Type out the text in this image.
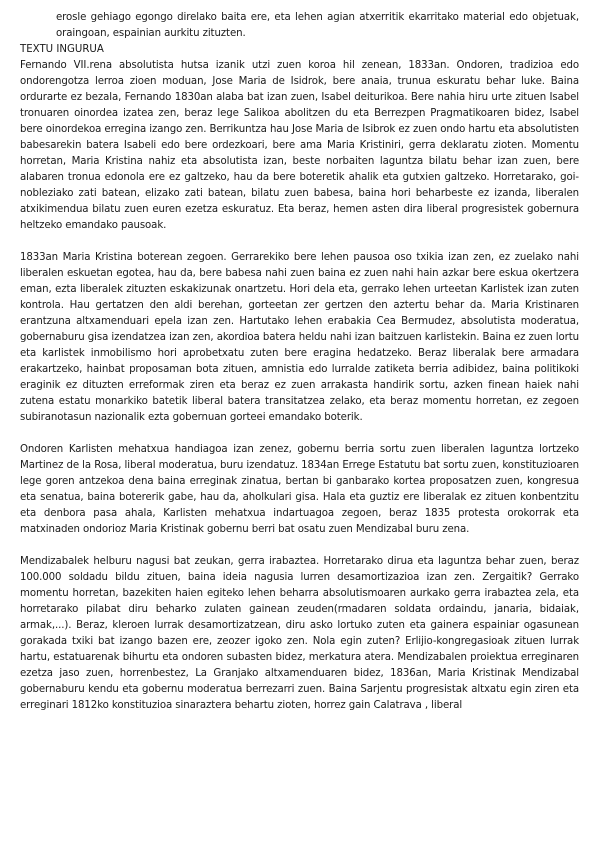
erosle gehiago egongo direlako baita ere, eta lehen agian atxerritik ekarritako material edo objetuak, oraingoan, espainian aurkitu zituzten.

TEXTU INGURUA

Fernando VII.rena absolutista hutsa izanik utzi zuen koroa hil zenean, 1833an. Ondoren, tradizioa edo ondorengotza lerroa zioen moduan, Jose Maria de Isidrok, bere anaia, trunua eskuratu behar luke. Baina ordurarte ez bezala, Fernando 1830an alaba bat izan zuen, Isabel deiturikoa. Bere nahia hiru urte zituen Isabel tronuaren oinordea izatea zen, beraz lege Salikoa abolitzen du eta Berrezpen Pragmatikoaren bidez, Isabel bere oinordekoa erregina izango zen. Berrikuntza hau Jose Maria de Isibrok ez zuen ondo hartu eta absolutisten babesarekin batera Isabeli edo bere ordezkoari, bere ama Maria Kristiniri, gerra deklaratu zioten. Momentu horretan, Maria Kristina nahiz eta absolutista izan, beste norbaiten laguntza bilatu behar izan zuen, bere alabaren tronua edonola ere ez galtzeko, hau da bere boteretik ahalik eta gutxien galtzeko. Horretarako, goi-nobleziako zati batean, elizako zati batean, bilatu zuen babesa, baina hori beharbeste ez izanda, liberalen atxikimendua bilatu zuen euren ezetza eskuratuz. Eta beraz, hemen asten dira liberal progresistek gobernura heltzeko emandako pausoak.

1833an Maria Kristina boterean zegoen. Gerrarekiko bere lehen pausoa oso txikia izan zen, ez zuelako nahi liberalen eskuetan egotea, hau da, bere babesa nahi zuen baina ez zuen nahi hain azkar bere eskua okertzera eman, ezta liberalek zituzten eskakizunak onartzetu. Hori dela eta, gerrako lehen urteetan Karlistek izan zuten kontrola. Hau gertatzen den aldi berehan, gorteetan zer gertzen den aztertu behar da. Maria Kristinaren erantzuna altxamenduari epela izan zen. Hartutako lehen erabakia Cea Bermudez, absolutista moderatua, gobernaburu gisa izendatzea izan zen, akordioa batera heldu nahi izan baitzuen karlistekin. Baina ez zuen lortu eta karlistek inmobilismo hori aprobetxatu zuten bere eragina hedatzeko. Beraz liberalak bere armadara erakartzeko, hainbat proposaman bota zituen, amnistia edo lurralde zatiketa berria adibidez, baina politikoki eraginik ez dituzten erreformak ziren eta beraz ez zuen arrakasta handirik sortu, azken finean haiek nahi zutena estatu monarkiko batetik liberal batera transitatzea zelako, eta beraz momentu horretan, ez zegoen subiranotasun nazionalik ezta gobernuan gorteei emandako boterik.

Ondoren Karlisten mehatxua handiagoa izan zenez, gobernu berria sortu zuen liberalen laguntza lortzeko Martinez de la Rosa, liberal moderatua, buru izendatuz. 1834an Errege Estatutu bat sortu zuen, konstituzioaren lege goren antzekoa dena baina erreginak zinatua, bertan bi ganbarako kortea proposatzen zuen, kongresua eta senatua, baina botererik gabe, hau da, aholkulari gisa. Hala eta guztiz ere liberalak ez zituen konbentzitu eta denbora pasa ahala, Karlisten mehatxua indartuagoa zegoen, beraz 1835 protesta orokorrak eta matxinaden ondorioz Maria Kristinak gobernu berri bat osatu zuen Mendizabal buru zena.

Mendizabalek helburu nagusi bat zeukan, gerra irabaztea. Horretarako dirua eta laguntza behar zuen, beraz 100.000 soldadu bildu zituen, baina ideia nagusia lurren desamortizazioa izan zen. Zergaitik? Gerrako momentu horretan, bazekiten haien egiteko lehen beharra absolutismoaren aurkako gerra irabaztea zela, eta horretarako pilabat diru beharko zulaten gainean zeuden(rmadaren soldata ordaindu, janaria, bidaiak, armak,...). Beraz, kleroen lurrak desamortizatzean, diru asko lortuko zuten eta gainera espainiar ogasunean gorakada txiki bat izango bazen ere, zeozer igoko zen. Nola egin zuten? Erlijio-kongregasioak zituen lurrak hartu, estatuarenak bihurtu eta ondoren subasten bidez, merkatura atera. Mendizabalen proiektua erreginaren ezetza jaso zuen, horrenbestez, La Granjako altxamenduaren bidez, 1836an, Maria Kristinak Mendizabal gobernaburu kendu eta gobernu moderatua berrezarri zuen. Baina Sarjentu progresistak altxatu egin ziren eta erreginari 1812ko konstituzioa sinaraztera behartu zioten, horrez gain Calatrava , liberal
